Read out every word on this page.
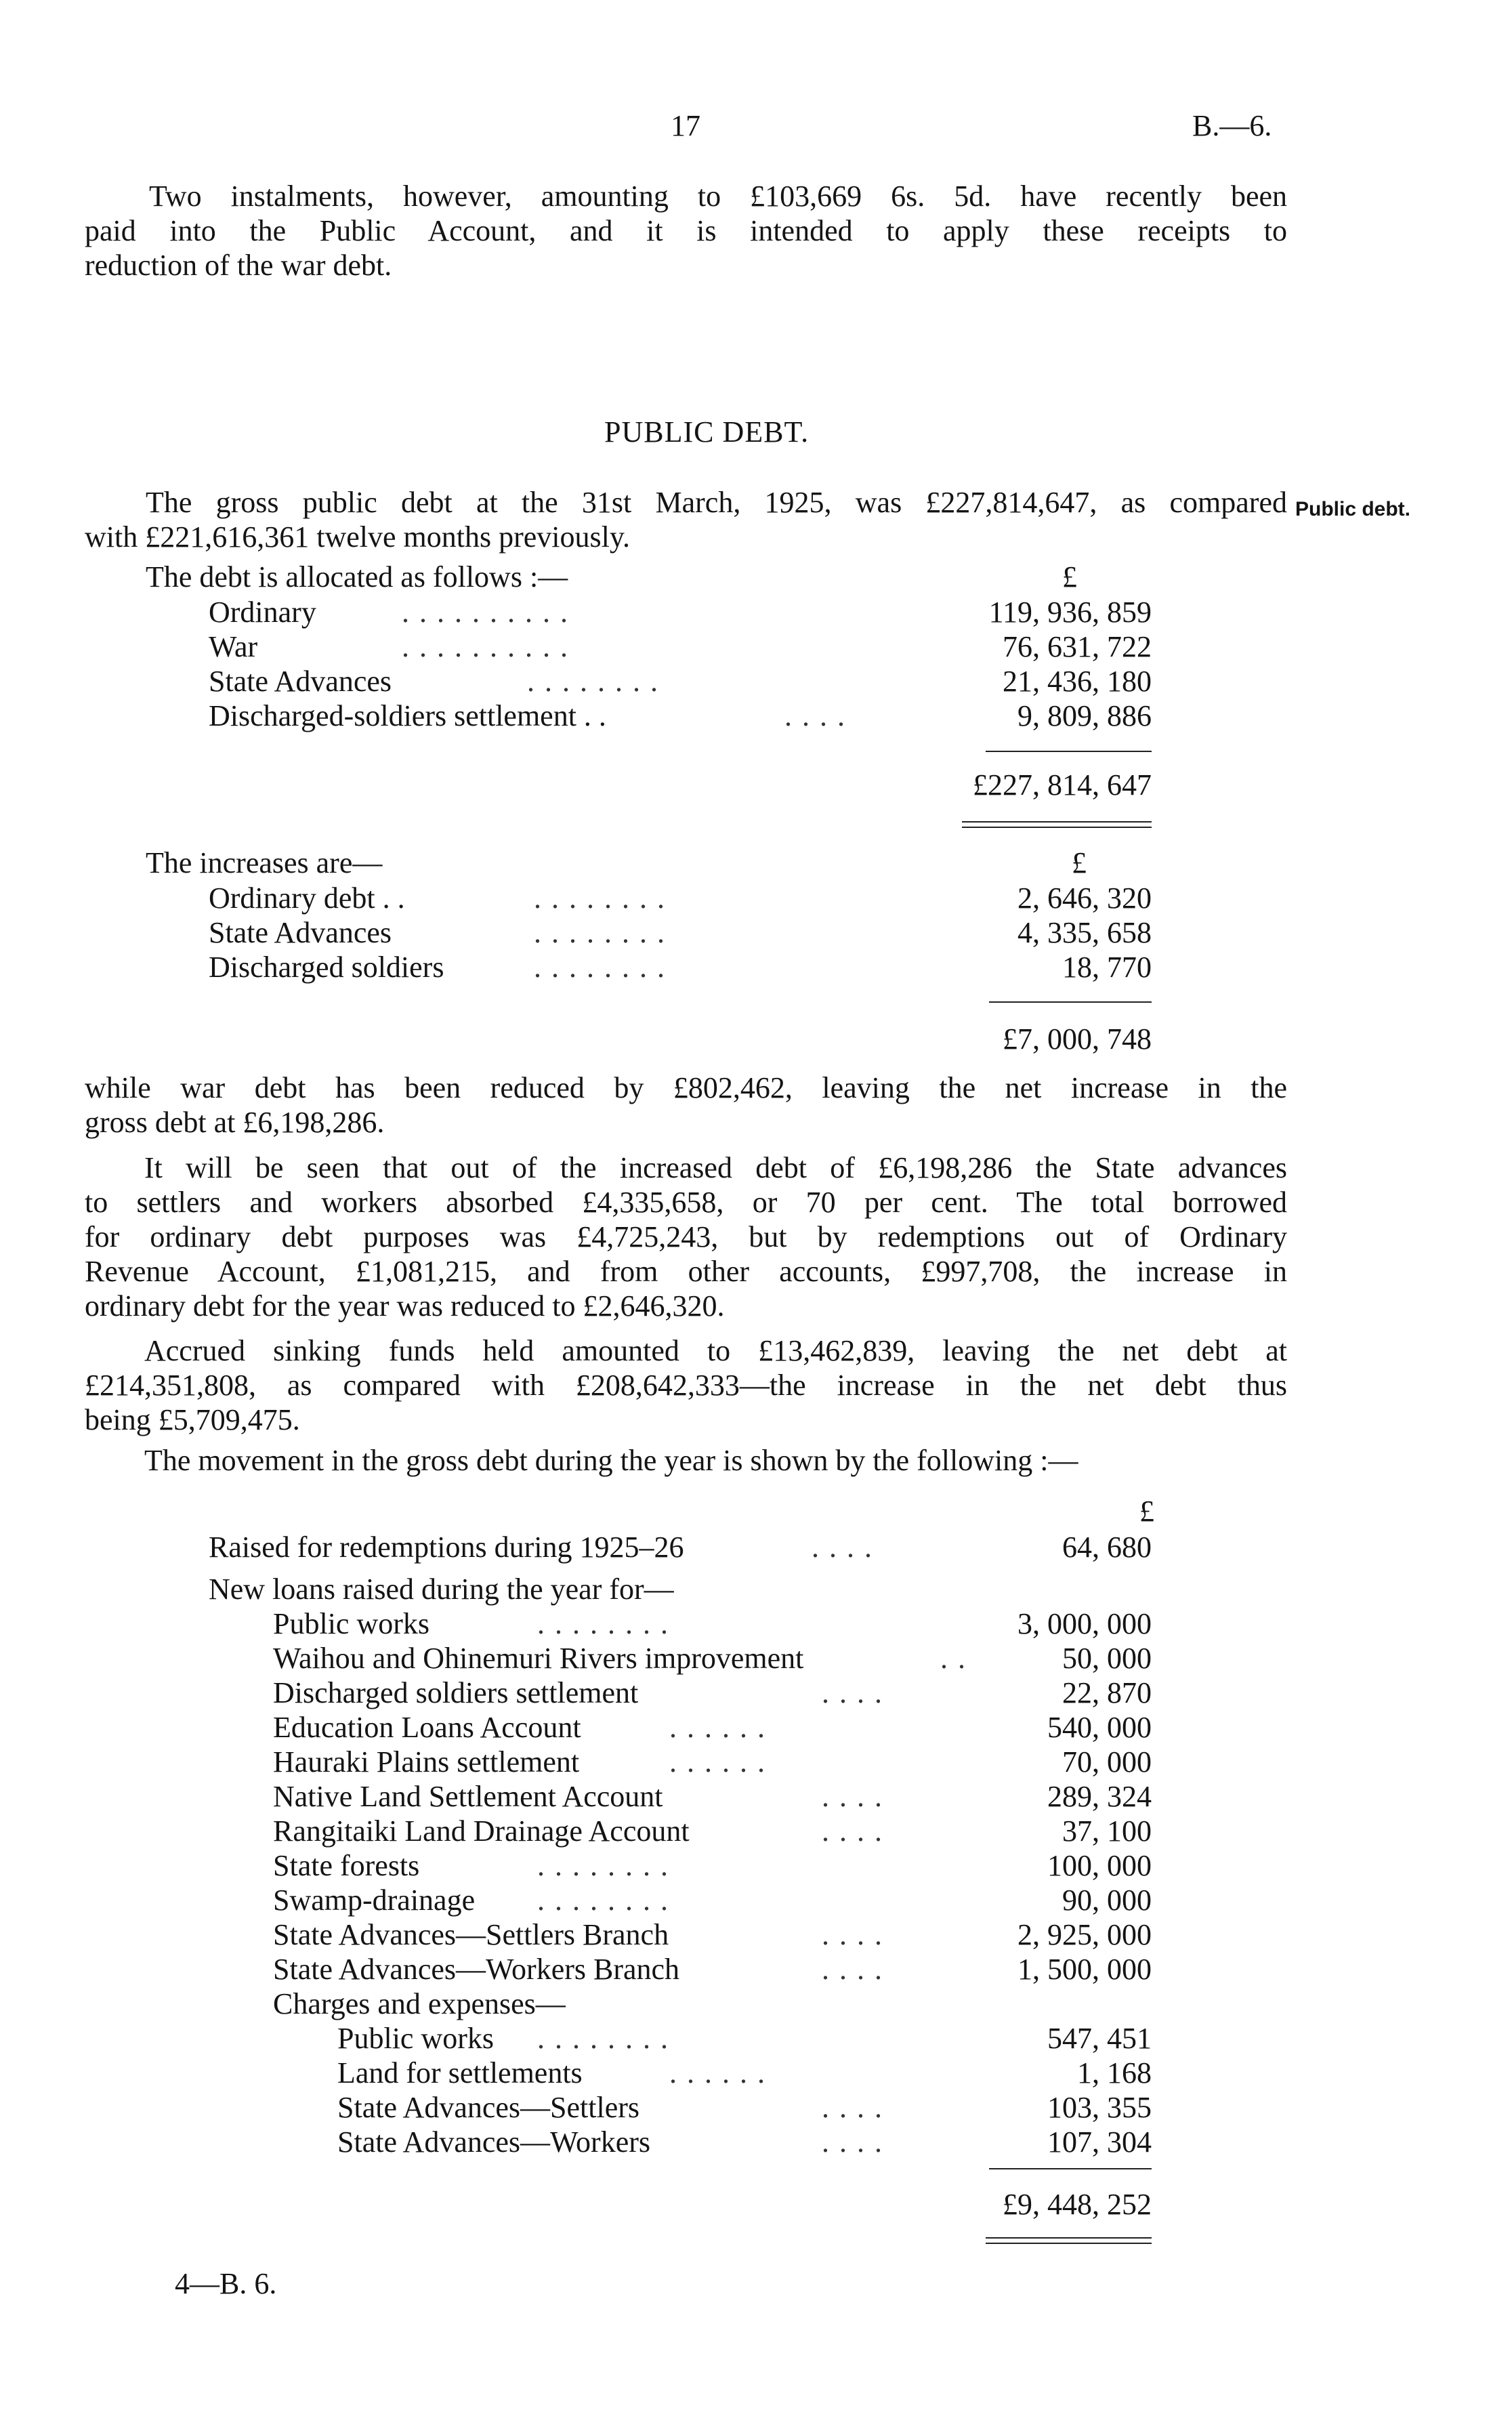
17	B.—6.
Two instalments, however, amounting to £103,669 6s. 5d. have recently been
paid into the Public Account, and it is intended to apply these receipts to
reduction of the war debt.
PUBLIC DEBT.
Public debt.
The gross public debt at the 31st March, 1925, was £227,814,647, as compared
with £221,616,361 twelve months previously.
The debt is allocated as follows :—	£
Ordinary	. . . . . . . . . .	119, 936, 859
War	. . . . . . . . . .	76, 631, 722
State Advances	. . . . . . . .	21, 436, 180
Discharged-soldiers settlement . .	. . . .	9, 809, 886
£227, 814, 647
The increases are—	£
Ordinary debt . .	. . . . . . . .	2, 646, 320
State Advances	. . . . . . . .	4, 335, 658
Discharged soldiers	. . . . . . . .	18, 770
£7, 000, 748
while war debt has been reduced by £802,462, leaving the net increase in the
gross debt at £6,198,286.
It will be seen that out of the increased debt of £6,198,286 the State advances
to settlers and workers absorbed £4,335,658, or 70 per cent. The total borrowed
for ordinary debt purposes was £4,725,243, but by redemptions out of Ordinary
Revenue Account, £1,081,215, and from other accounts, £997,708, the increase in
ordinary debt for the year was reduced to £2,646,320.
Accrued sinking funds held amounted to £13,462,839, leaving the net debt at
£214,351,808, as compared with £208,642,333—the increase in the net debt thus
being £5,709,475.
The movement in the gross debt during the year is shown by the following :—
£
Raised for redemptions during 1925–26	. . . .	64, 680
New loans raised during the year for—
Public works	. . . . . . . .	3, 000, 000
Waihou and Ohinemuri Rivers improvement	. .	50, 000
Discharged soldiers settlement	. . . .	22, 870
Education Loans Account	. . . . . .	540, 000
Hauraki Plains settlement	. . . . . .	70, 000
Native Land Settlement Account	. . . .	289, 324
Rangitaiki Land Drainage Account	. . . .	37, 100
State forests	. . . . . . . .	100, 000
Swamp-drainage . . . . . . . .	90, 000
State Advances—Settlers Branch	. . . .	2, 925, 000
State Advances—Workers Branch	. . . .	1, 500, 000
Charges and expenses—
Public works . . . . . . . .	547, 451
Land for settlements	. . . . . .	1, 168
State Advances—Settlers	. . . .	103, 355
State Advances—Workers	. . . .	107, 304
£9, 448, 252
4—B. 6.
